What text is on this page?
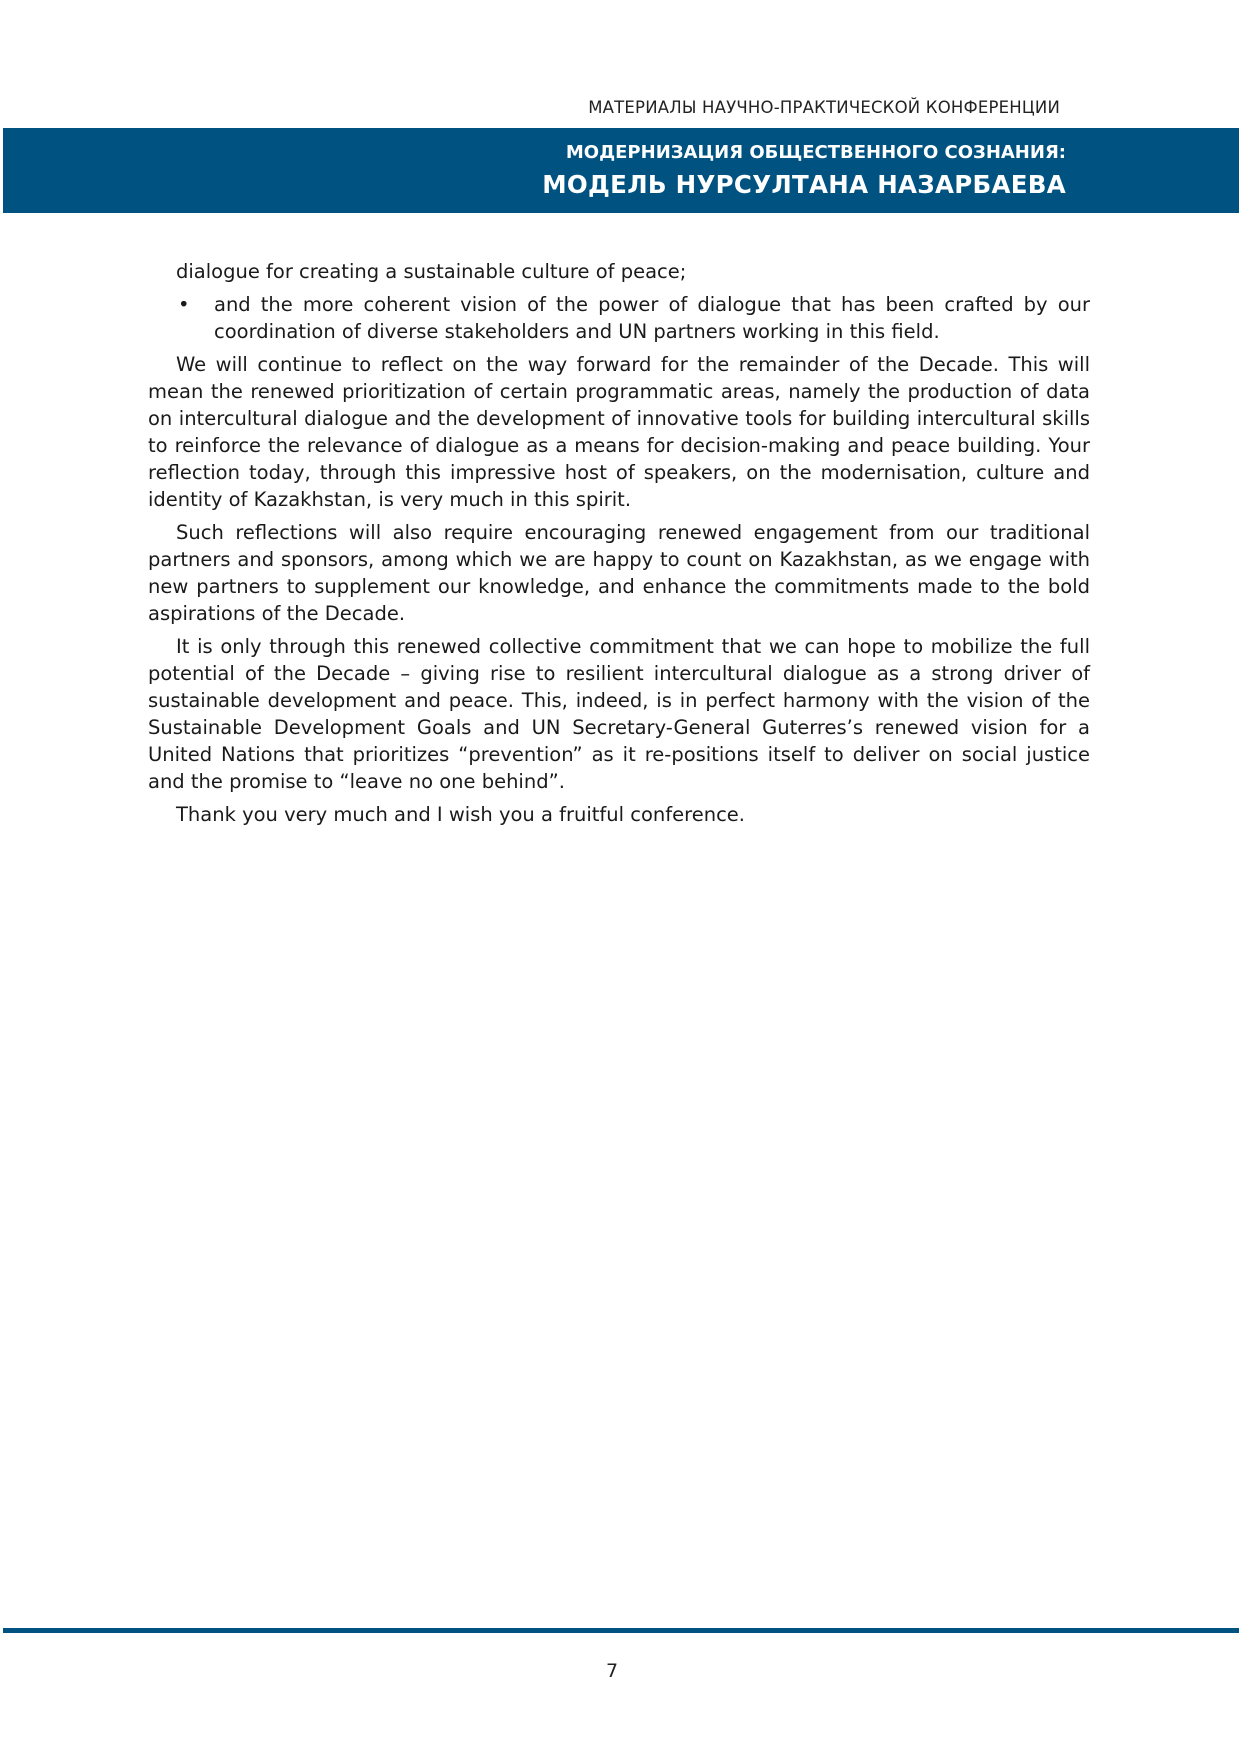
МАТЕРИАЛЫ НАУЧНО-ПРАКТИЧЕСКОЙ КОНФЕРЕНЦИИ
МОДЕРНИЗАЦИЯ ОБЩЕСТВЕННОГО СОЗНАНИЯ:
МОДЕЛЬ НУРСУЛТАНА НАЗАРБАЕВА

dialogue for creating a sustainable culture of peace;

• and the more coherent vision of the power of dialogue that has been crafted by our coordination of diverse stakeholders and UN partners working in this field.

We will continue to reflect on the way forward for the remainder of the Decade. This will mean the renewed prioritization of certain programmatic areas, namely the production of data on intercultural dialogue and the development of innovative tools for building intercultural skills to reinforce the relevance of dialogue as a means for decision-making and peace building. Your reflection today, through this impressive host of speakers, on the modernisation, culture and identity of Kazakhstan, is very much in this spirit.

Such reflections will also require encouraging renewed engagement from our traditional partners and sponsors, among which we are happy to count on Kazakhstan, as we engage with new partners to supplement our knowledge, and enhance the commitments made to the bold aspirations of the Decade.

It is only through this renewed collective commitment that we can hope to mobilize the full potential of the Decade – giving rise to resilient intercultural dialogue as a strong driver of sustainable development and peace. This, indeed, is in perfect harmony with the vision of the Sustainable Development Goals and UN Secretary-General Guterres’s renewed vision for a United Nations that prioritizes “prevention” as it re-positions itself to deliver on social justice and the promise to “leave no one behind”.

Thank you very much and I wish you a fruitful conference.

7
